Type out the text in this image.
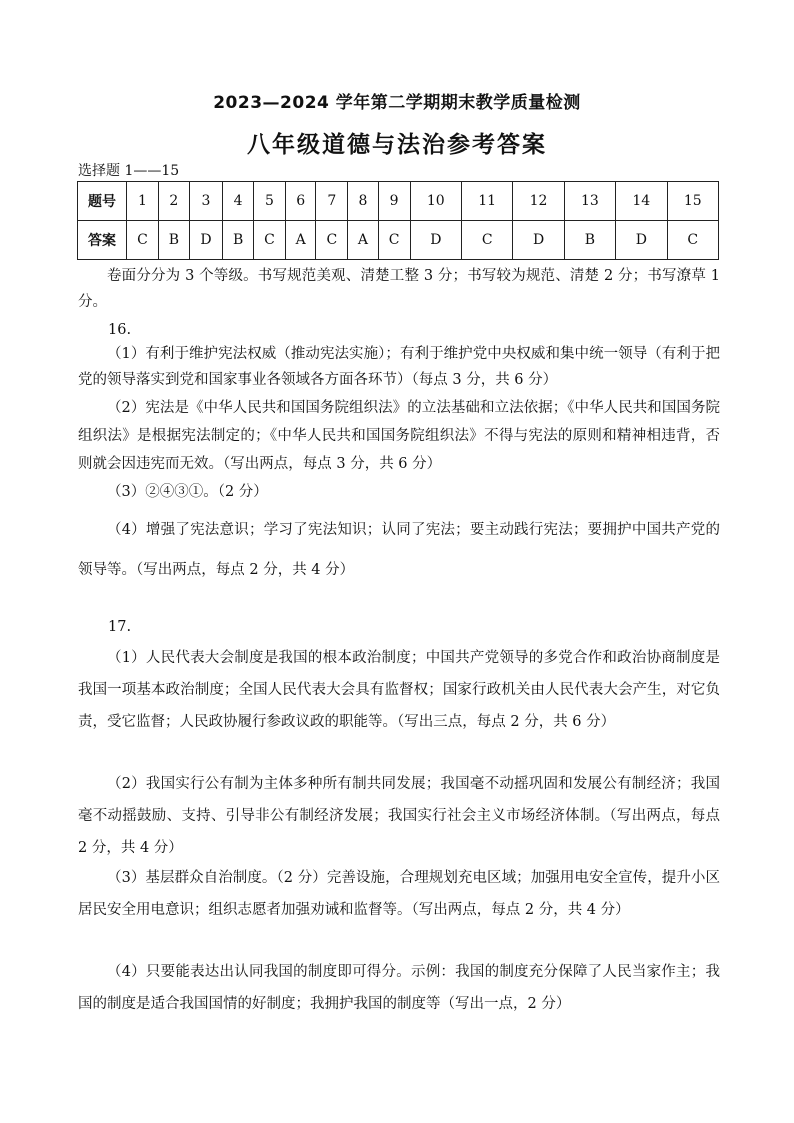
2023—2024 学年第二学期期末教学质量检测
八年级道德与法治参考答案
选择题 1——15
题号	1	2	3	4	5	6	7	8	9	10	11	12	13	14	15
答案	C	B	D	B	C	A	C	A	C	D	C	D	B	D	C
卷面分分为 3 个等级。书写规范美观、清楚工整 3 分；书写较为规范、清楚 2 分；书写潦草 1 分。
16.
（1）有利于维护宪法权威（推动宪法实施）；有利于维护党中央权威和集中统一领导（有利于把党的领导落实到党和国家事业各领域各方面各环节）（每点 3 分，共 6 分）
（2）宪法是《中华人民共和国国务院组织法》的立法基础和立法依据；《中华人民共和国国务院组织法》是根据宪法制定的；《中华人民共和国国务院组织法》不得与宪法的原则和精神相违背，否则就会因违宪而无效。（写出两点，每点 3 分，共 6 分）
（3）②④③①。（2 分）
（4）增强了宪法意识；学习了宪法知识；认同了宪法；要主动践行宪法；要拥护中国共产党的领导等。（写出两点，每点 2 分，共 4 分）
17.
（1）人民代表大会制度是我国的根本政治制度；中国共产党领导的多党合作和政治协商制度是我国一项基本政治制度；全国人民代表大会具有监督权；国家行政机关由人民代表大会产生，对它负责，受它监督；人民政协履行参政议政的职能等。（写出三点，每点 2 分，共 6 分）
（2）我国实行公有制为主体多种所有制共同发展；我国毫不动摇巩固和发展公有制经济；我国毫不动摇鼓励、支持、引导非公有制经济发展；我国实行社会主义市场经济体制。（写出两点，每点 2 分，共 4 分）
（3）基层群众自治制度。（2 分）完善设施，合理规划充电区域；加强用电安全宣传，提升小区居民安全用电意识；组织志愿者加强劝诫和监督等。（写出两点，每点 2 分，共 4 分）
（4）只要能表达出认同我国的制度即可得分。示例：我国的制度充分保障了人民当家作主；我国的制度是适合我国国情的好制度；我拥护我国的制度等（写出一点，2 分）
